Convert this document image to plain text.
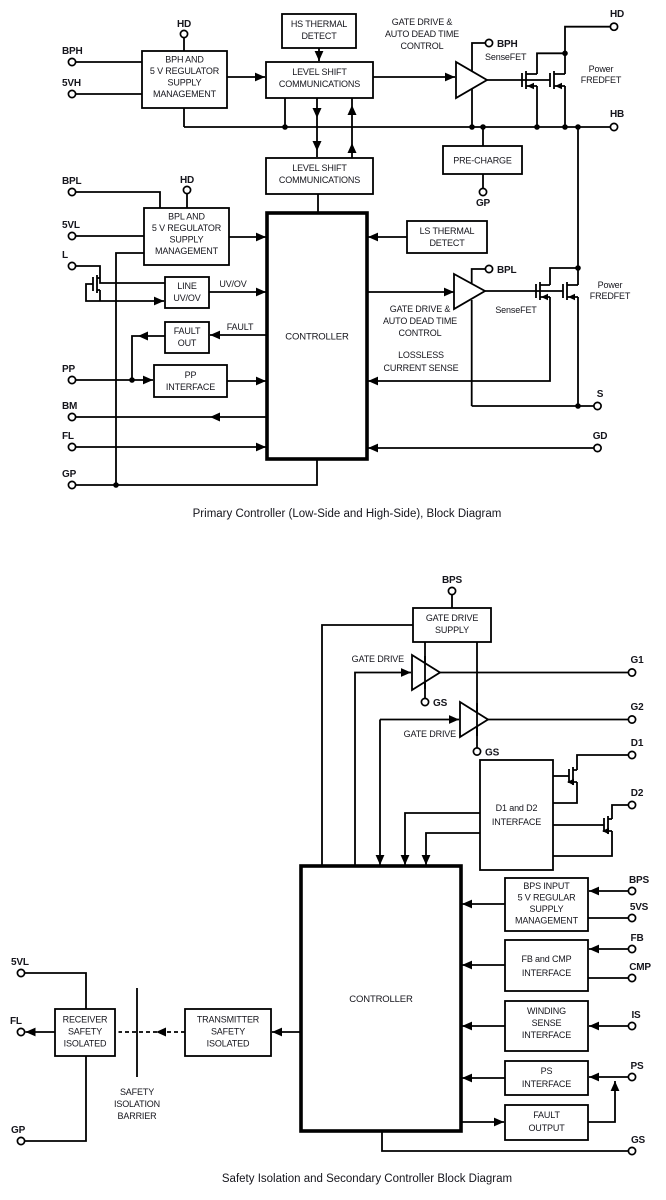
BPH AND
5 V REGULATOR
SUPPLY
MANAGEMENT
HS THERMAL
DETECT
LEVEL SHIFT
COMMUNICATIONS
LEVEL SHIFT
COMMUNICATIONS
PRE-CHARGE
BPL AND
5 V REGULATOR
SUPPLY
MANAGEMENT
LS THERMAL
DETECT
LINE
UV/OV
FAULT
OUT
PP
INTERFACE
CONTROLLER
GATE DRIVE &
AUTO DEAD TIME
CONTROL
SenseFET
Power
FREDFET
GATE DRIVE &
AUTO DEAD TIME
CONTROL
SenseFET
Power
FREDFET
UV/OV
FAULT
LOSSLESS
CURRENT SENSE
BPH
5VH
HD
BPH
HD
HB
GP
BPL	HD
5VL
L
BPL
PP
BM
FL
GP
S
GD
Primary Controller (Low-Side and High-Side), Block Diagram
GATE DRIVE
SUPPLY
D1 and D2
INTERFACE
BPS INPUT
5 V REGULAR
SUPPLY
MANAGEMENT
FB and CMP
INTERFACE
WINDING
SENSE
INTERFACE
PS
INTERFACE
FAULT
OUTPUT
CONTROLLER
RECEIVER
SAFETY
ISOLATED
TRANSMITTER
SAFETY
ISOLATED
GATE DRIVE
GATE DRIVE
SAFETY
ISOLATION
BARRIER
BPS
GS
GS
G1
G2
D1
D2
BPS
5VS
FB
CMP
IS
PS
GS
5VL
FL
GP
Safety Isolation and Secondary Controller Block Diagram
